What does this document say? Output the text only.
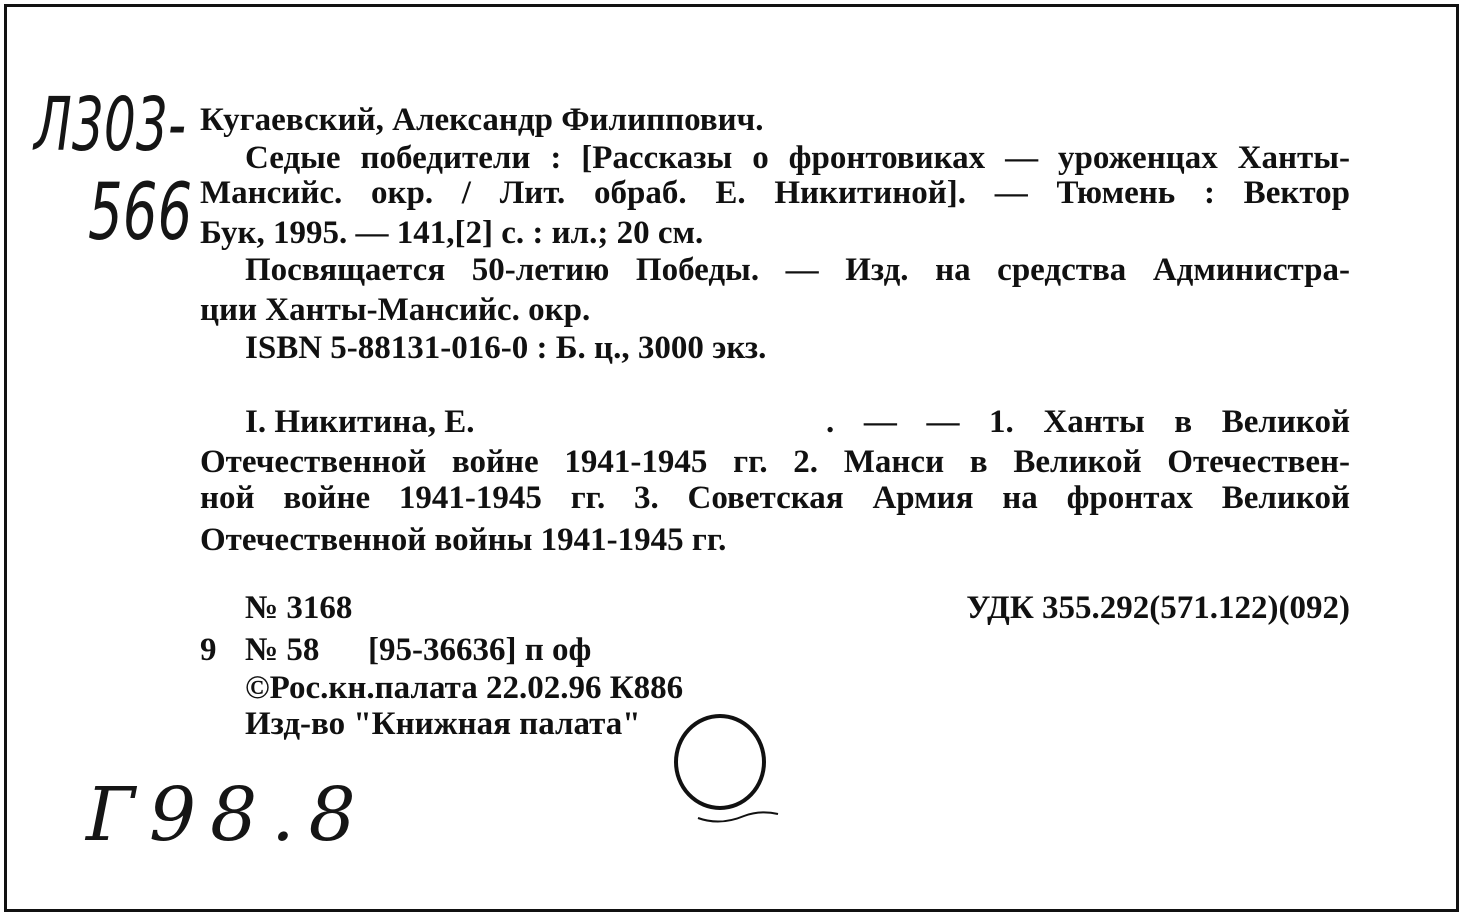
Л303-
566
Кугаевский, Александр Филиппович.
Седые победители : [Рассказы о фронтовиках — уроженцах Ханты-
Мансийс. окр. / Лит. обраб. Е. Никитиной]. — Тюмень : Вектор
Бук, 1995. — 141,[2] с. : ил.; 20 см.
Посвящается 50-летию Победы. — Изд. на средства Администра-
ции Ханты-Мансийс. окр.
ISBN 5-88131-016-0 : Б. ц., 3000 экз.
I. Никитина, Е.	. — — 1. Ханты в Великой
Отечественной войне 1941-1945 гг. 2. Манси в Великой Отечествен-
ной войне 1941-1945 гг. 3. Советская Армия на фронтах Великой
Отечественной войны 1941-1945 гг.
№ 3168	УДК 355.292(571.122)(092)
9 № 58 [95-36636] п оф
©Рос.кн.палата 22.02.96 К886
Изд-во "Книжная палата"
Г98.8
